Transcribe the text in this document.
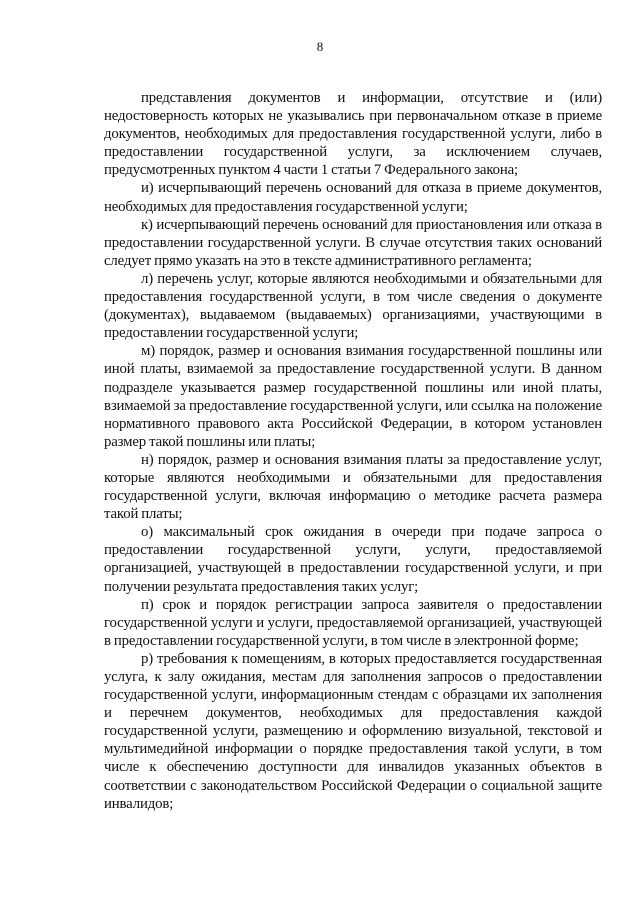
8

представления документов и информации, отсутствие и (или) недостоверность которых не указывались при первоначальном отказе в приеме документов, необходимых для предоставления государственной услуги, либо в предоставлении государственной услуги, за исключением случаев, предусмотренных пунктом 4 части 1 статьи 7 Федерального закона;

и) исчерпывающий перечень оснований для отказа в приеме документов, необходимых для предоставления государственной услуги;

к) исчерпывающий перечень оснований для приостановления или отказа в предоставлении государственной услуги. В случае отсутствия таких оснований следует прямо указать на это в тексте административного регламента;

л) перечень услуг, которые являются необходимыми и обязательными для предоставления государственной услуги, в том числе сведения о документе (документах), выдаваемом (выдаваемых) организациями, участвующими в предоставлении государственной услуги;

м) порядок, размер и основания взимания государственной пошлины или иной платы, взимаемой за предоставление государственной услуги. В данном подразделе указывается размер государственной пошлины или иной платы, взимаемой за предоставление государственной услуги, или ссылка на положение нормативного правового акта Российской Федерации, в котором установлен размер такой пошлины или платы;

н) порядок, размер и основания взимания платы за предоставление услуг, которые являются необходимыми и обязательными для предоставления государственной услуги, включая информацию о методике расчета размера такой платы;

о) максимальный срок ожидания в очереди при подаче запроса о предоставлении государственной услуги, услуги, предоставляемой организацией, участвующей в предоставлении государственной услуги, и при получении результата предоставления таких услуг;

п) срок и порядок регистрации запроса заявителя о предоставлении государственной услуги и услуги, предоставляемой организацией, участвующей в предоставлении государственной услуги, в том числе в электронной форме;

р) требования к помещениям, в которых предоставляется государственная услуга, к залу ожидания, местам для заполнения запросов о предоставлении государственной услуги, информационным стендам с образцами их заполнения и перечнем документов, необходимых для предоставления каждой государственной услуги, размещению и оформлению визуальной, текстовой и мультимедийной информации о порядке предоставления такой услуги, в том числе к обеспечению доступности для инвалидов указанных объектов в соответствии с законодательством Российской Федерации о социальной защите инвалидов;
